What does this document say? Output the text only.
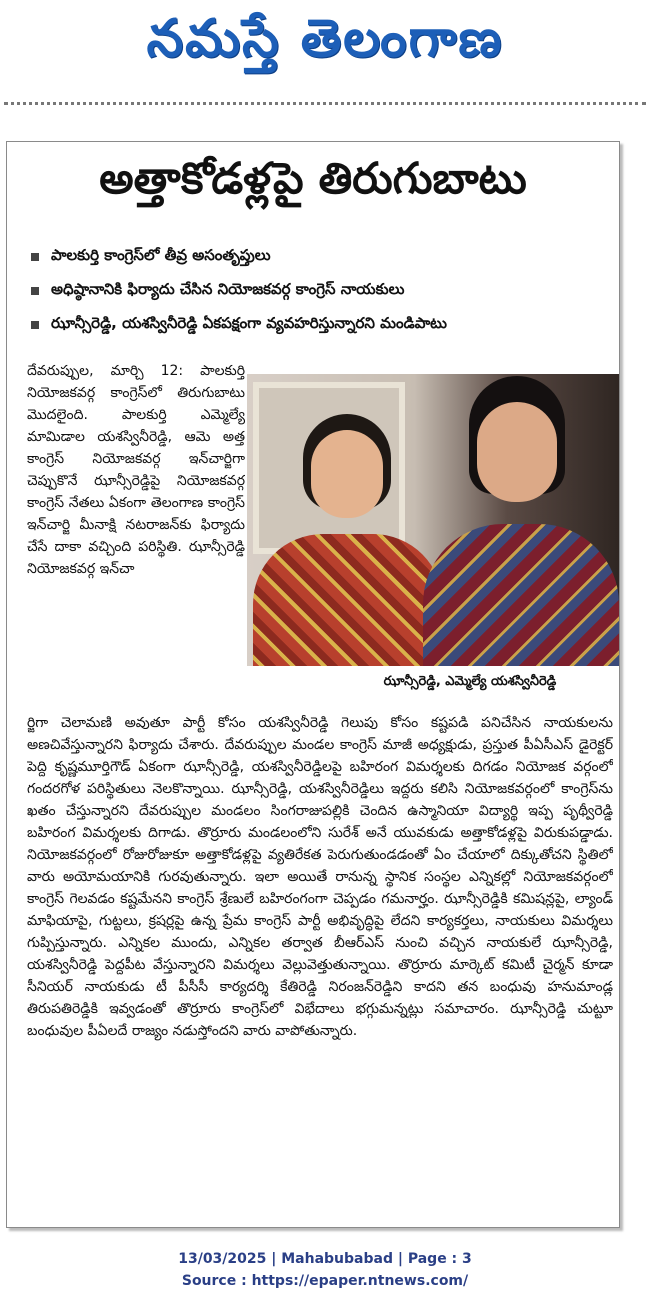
నమస్తే తెలంగాణ
అత్తాకోడళ్లపై తిరుగుబాటు
పాలకుర్తి కాంగ్రెస్‌లో తీవ్ర అసంతృప్తులు
అధిష్ఠానానికి ఫిర్యాదు చేసిన నియోజకవర్గ కాంగ్రెస్ నాయకులు
ఝాన్సీరెడ్డి, యశస్వినీరెడ్డి ఏకపక్షంగా వ్యవహరిస్తున్నారని మండిపాటు
దేవరుప్పుల, మార్చి 12: పాలకుర్తి నియోజకవర్గ కాంగ్రెస్‌లో తిరుగుబాటు మొదలైంది. పాలకుర్తి ఎమ్మెల్యే మామిడాల యశస్వినీరెడ్డి, ఆమె అత్త కాంగ్రెస్ నియోజకవర్గ ఇన్‌చార్జిగా చెప్పుకొనే ఝాన్సీరెడ్డిపై నియోజకవర్గ కాంగ్రెస్ నేతలు ఏకంగా తెలంగాణ కాంగ్రెస్ ఇన్‌చార్జి మీనాక్షి నటరాజన్‌కు ఫిర్యాదు చేసే దాకా వచ్చింది పరిస్థితి. ఝాన్సీరెడ్డి నియోజకవర్గ ఇన్‌చా
ఝాన్సీరెడ్డి, ఎమ్మెల్యే యశస్వినీరెడ్డి
ర్జిగా చెలామణి అవుతూ పార్టీ కోసం యశస్వినీరెడ్డి గెలుపు కోసం కష్టపడి పనిచేసిన నాయకులను అణచివేస్తున్నారని ఫిర్యాదు చేశారు. దేవరుప్పుల మండల కాంగ్రెస్ మాజీ అధ్యక్షుడు, ప్రస్తుత పీఏసీఎస్ డైరెక్టర్ పెద్ది కృష్ణమూర్తిగౌడ్ ఏకంగా ఝాన్సీరెడ్డి, యశస్వినీరెడ్డిలపై బహిరంగ విమర్శలకు దిగడం నియోజక వర్గంలో గందరగోళ పరిస్థితులు నెలకొన్నాయి. ఝాన్సీరెడ్డి, యశస్వినీరెడ్డిలు ఇద్దరు కలిసి నియోజకవర్గంలో కాంగ్రెస్‌ను ఖతం చేస్తున్నారని దేవరుప్పుల మండలం సింగరాజుపల్లికి చెందిన ఉస్మానియా విద్యార్థి ఇప్ప పృథ్వీరెడ్డి బహిరంగ విమర్శలకు దిగాడు. తొర్రూరు మండలంలోని సురేశ్ అనే యువకుడు అత్తాకోడళ్లపై విరుకుపడ్డాడు. నియోజకవర్గంలో రోజురోజుకూ అత్తాకోడళ్లపై వ్యతిరేకత పెరుగుతుండడంతో ఏం చేయాలో దిక్కుతోచని స్థితిలో వారు అయోమయానికి గురవుతున్నారు. ఇలా అయితే రానున్న స్థానిక సంస్థల ఎన్నికల్లో నియోజకవర్గంలో కాంగ్రెస్ గెలవడం కష్టమేనని కాంగ్రెస్ శ్రేణులే బహిరంగంగా చెప్పడం గమనార్హం. ఝాన్సీరెడ్డికి కమిషన్లపై, ల్యాండ్ మాఫియాపై, గుట్టలు, క్రషర్లపై ఉన్న ప్రేమ కాంగ్రెస్ పార్టీ అభివృద్ధిపై లేదని కార్యకర్తలు, నాయకులు విమర్శలు గుప్పిస్తున్నారు. ఎన్నికల ముందు, ఎన్నికల తర్వాత బీఆర్ఎస్ నుంచి వచ్చిన నాయకులే ఝాన్సీరెడ్డి, యశస్వినీరెడ్డి పెద్దపీట వేస్తున్నారని విమర్శలు వెల్లువెత్తుతున్నాయి. తొర్రూరు మార్కెట్ కమిటీ చైర్మన్ కూడా సీనియర్ నాయకుడు టీ పీసీసీ కార్యదర్శి కేతిరెడ్డి నిరంజన్‌రెడ్డిని కాదని తన బంధువు హనుమాండ్ల తిరుపతిరెడ్డికి ఇవ్వడంతో తొర్రూరు కాంగ్రెస్‌లో విభేదాలు భగ్గుమన్నట్లు సమాచారం. ఝాన్సీరెడ్డి చుట్టూ బంధువుల పీఏలదే రాజ్యం నడుస్తోందని వారు వాపోతున్నారు.
13/03/2025 | Mahabubabad | Page : 3
Source : https://epaper.ntnews.com/
